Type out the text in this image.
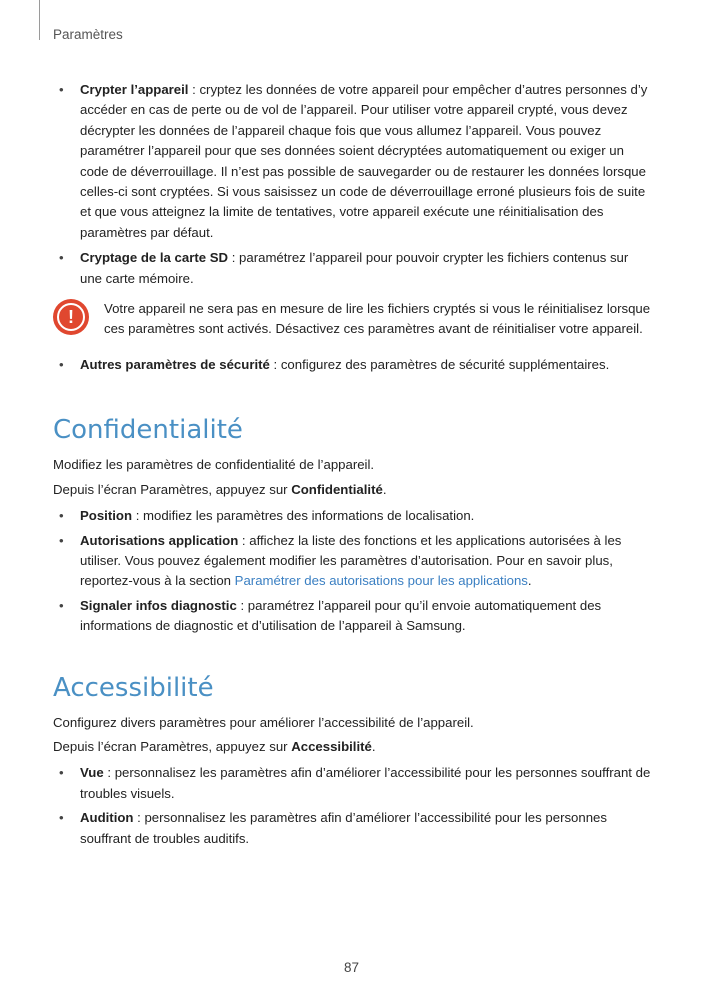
Paramètres

• Crypter l’appareil : cryptez les données de votre appareil pour empêcher d’autres personnes d’y accéder en cas de perte ou de vol de l’appareil. Pour utiliser votre appareil crypté, vous devez décrypter les données de l’appareil chaque fois que vous allumez l’appareil. Vous pouvez paramétrer l’appareil pour que ses données soient décryptées automatiquement ou exiger un code de déverrouillage. Il n’est pas possible de sauvegarder ou de restaurer les données lorsque celles-ci sont cryptées. Si vous saisissez un code de déverrouillage erroné plusieurs fois de suite et que vous atteignez la limite de tentatives, votre appareil exécute une réinitialisation des paramètres par défaut.

• Cryptage de la carte SD : paramétrez l’appareil pour pouvoir crypter les fichiers contenus sur une carte mémoire.

!	Votre appareil ne sera pas en mesure de lire les fichiers cryptés si vous le réinitialisez lorsque ces paramètres sont activés. Désactivez ces paramètres avant de réinitialiser votre appareil.

• Autres paramètres de sécurité : configurez des paramètres de sécurité supplémentaires.

Confidentialité

Modifiez les paramètres de confidentialité de l’appareil.

Depuis l’écran Paramètres, appuyez sur Confidentialité.

• Position : modifiez les paramètres des informations de localisation.

• Autorisations application : affichez la liste des fonctions et les applications autorisées à les utiliser. Vous pouvez également modifier les paramètres d’autorisation. Pour en savoir plus, reportez-vous à la section Paramétrer des autorisations pour les applications.

• Signaler infos diagnostic : paramétrez l’appareil pour qu’il envoie automatiquement des informations de diagnostic et d’utilisation de l’appareil à Samsung.

Accessibilité

Configurez divers paramètres pour améliorer l’accessibilité de l’appareil.

Depuis l’écran Paramètres, appuyez sur Accessibilité.

• Vue : personnalisez les paramètres afin d’améliorer l’accessibilité pour les personnes souffrant de troubles visuels.

• Audition : personnalisez les paramètres afin d’améliorer l’accessibilité pour les personnes souffrant de troubles auditifs.

87
